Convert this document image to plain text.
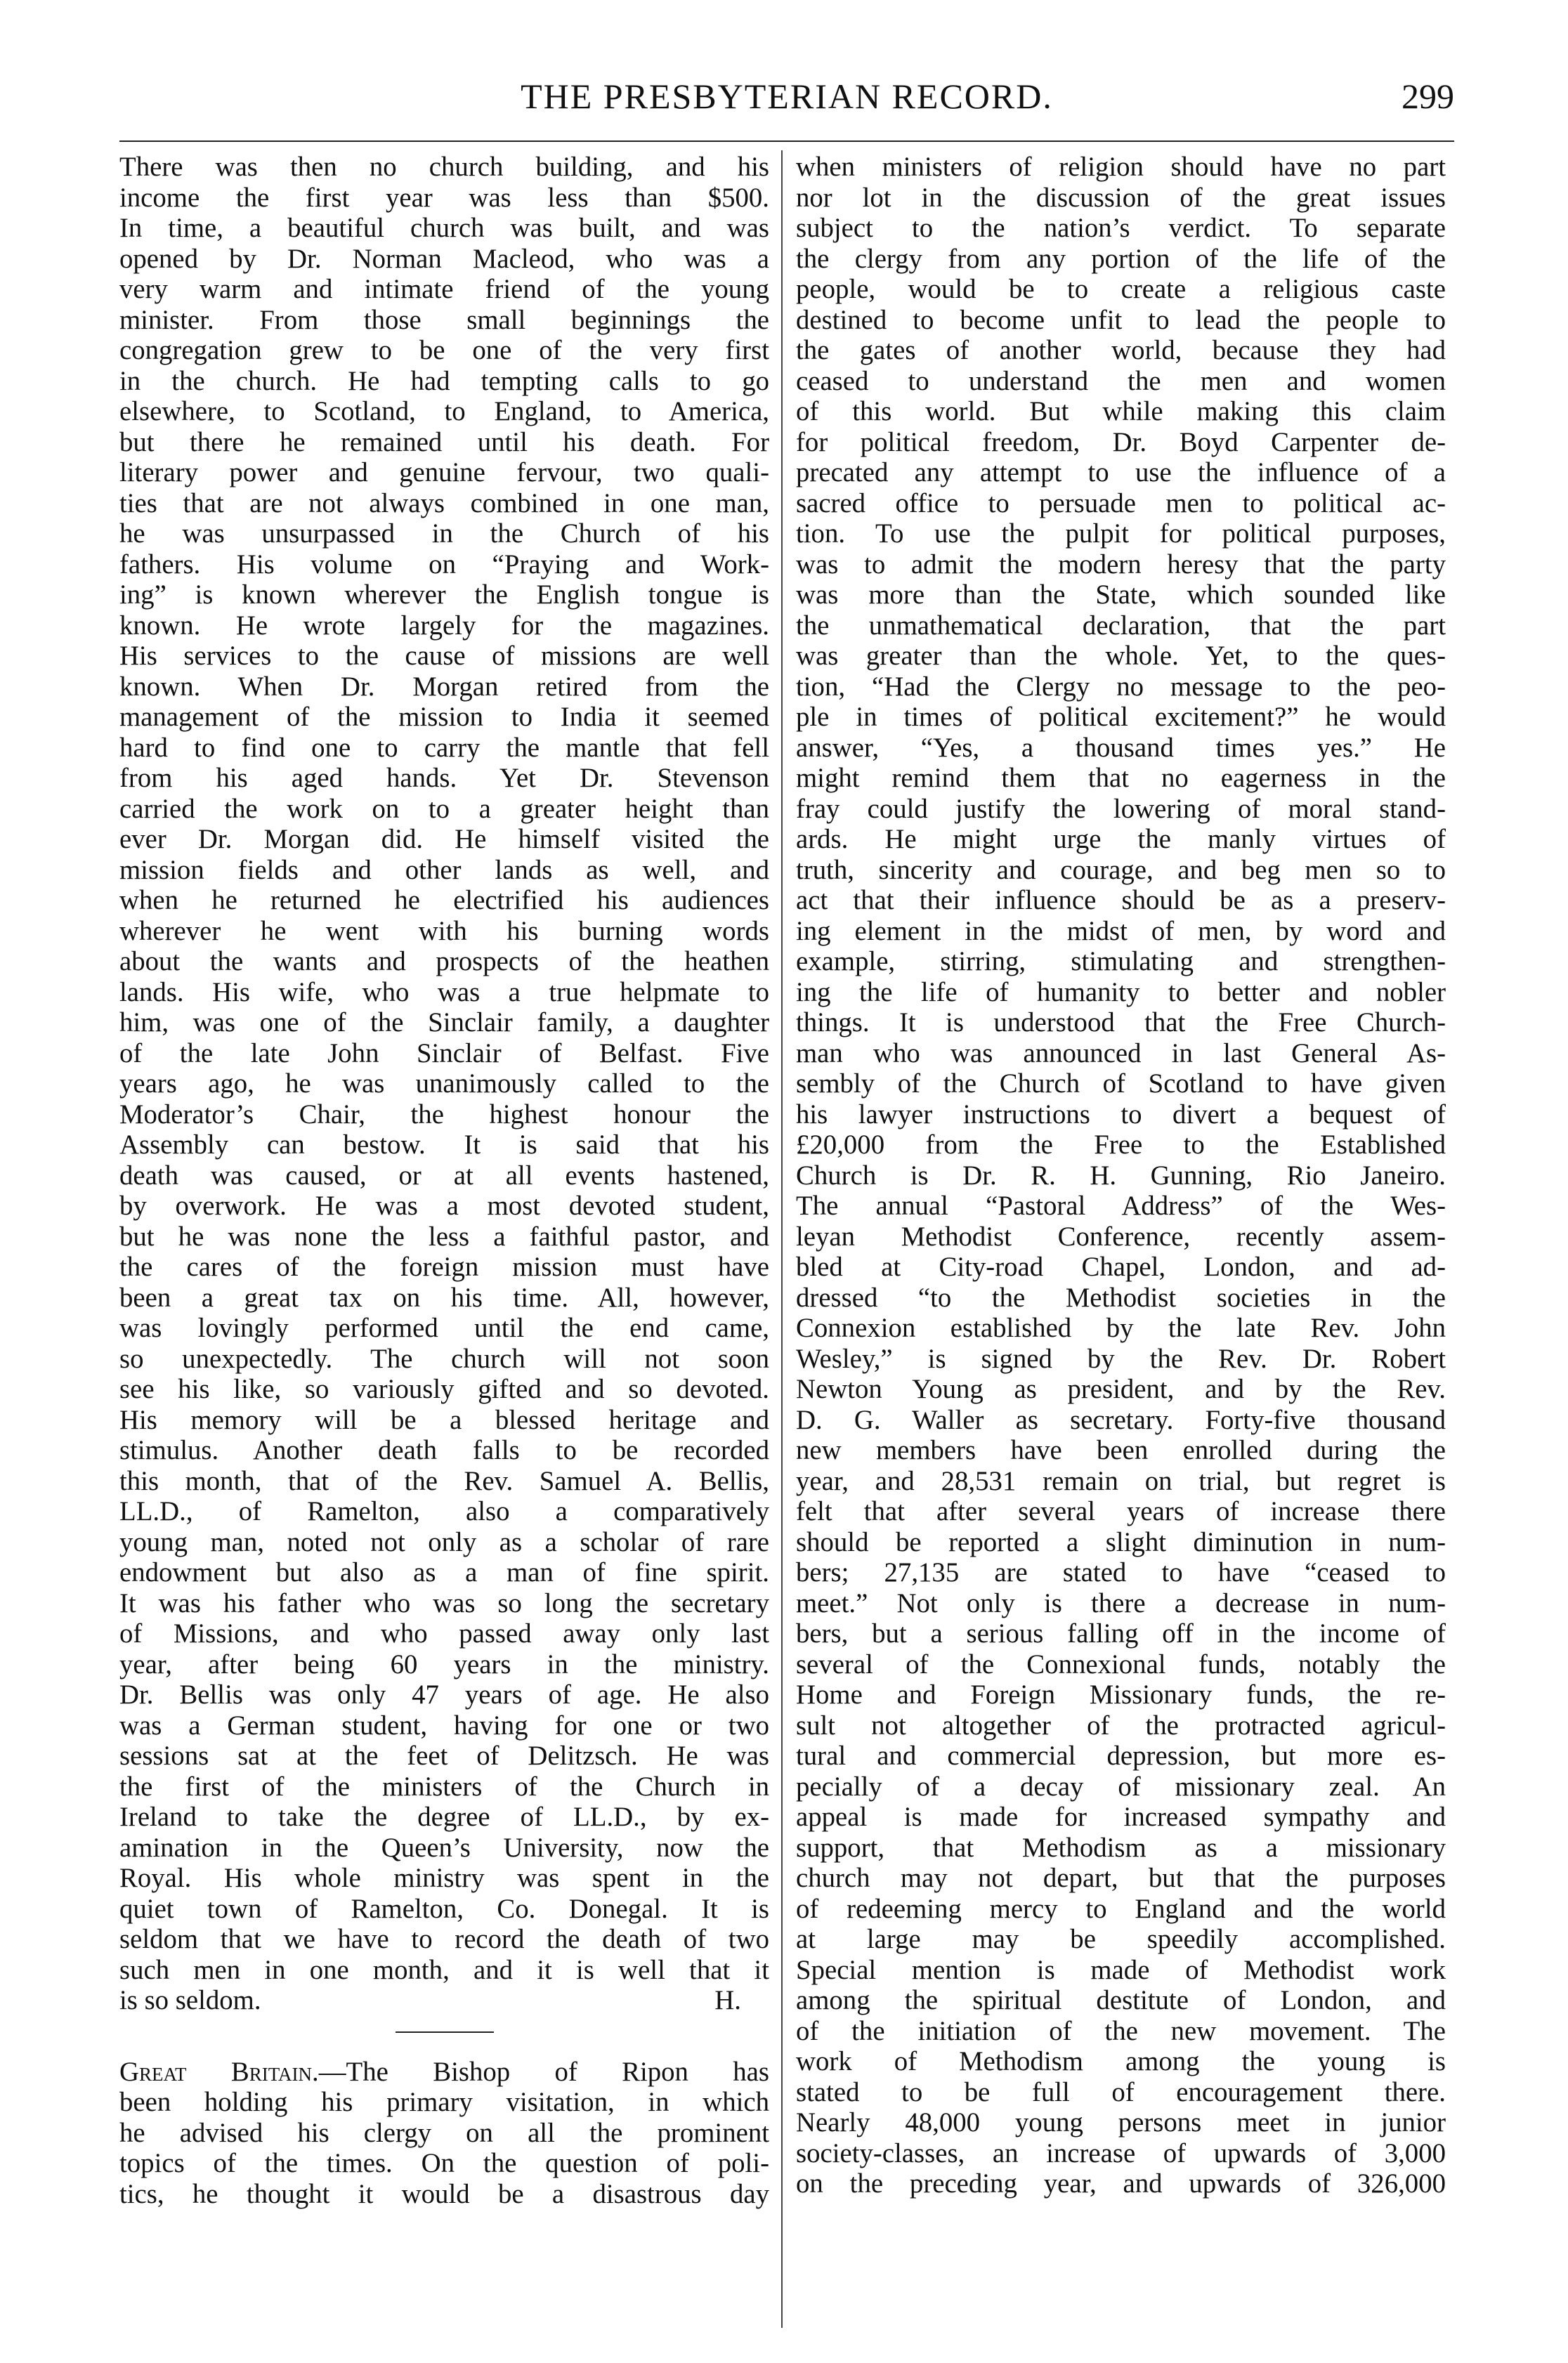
THE PRESBYTERIAN RECORD.	299
There was then no church building, and his
income the first year was less than $500.
In time, a beautiful church was built, and was
opened by Dr. Norman Macleod, who was a
very warm and intimate friend of the young
minister. From those small beginnings the
congregation grew to be one of the very first
in the church. He had tempting calls to go
elsewhere, to Scotland, to England, to America,
but there he remained until his death. For
literary power and genuine fervour, two quali-
ties that are not always combined in one man,
he was unsurpassed in the Church of his
fathers. His volume on “Praying and Work-
ing” is known wherever the English tongue is
known. He wrote largely for the magazines.
His services to the cause of missions are well
known. When Dr. Morgan retired from the
management of the mission to India it seemed
hard to find one to carry the mantle that fell
from his aged hands. Yet Dr. Stevenson
carried the work on to a greater height than
ever Dr. Morgan did. He himself visited the
mission fields and other lands as well, and
when he returned he electrified his audiences
wherever he went with his burning words
about the wants and prospects of the heathen
lands. His wife, who was a true helpmate to
him, was one of the Sinclair family, a daughter
of the late John Sinclair of Belfast. Five
years ago, he was unanimously called to the
Moderator’s Chair, the highest honour the
Assembly can bestow. It is said that his
death was caused, or at all events hastened,
by overwork. He was a most devoted student,
but he was none the less a faithful pastor, and
the cares of the foreign mission must have
been a great tax on his time. All, however,
was lovingly performed until the end came,
so unexpectedly. The church will not soon
see his like, so variously gifted and so devoted.
His memory will be a blessed heritage and
stimulus. Another death falls to be recorded
this month, that of the Rev. Samuel A. Bellis,
LL.D., of Ramelton, also a comparatively
young man, noted not only as a scholar of rare
endowment but also as a man of fine spirit.
It was his father who was so long the secretary
of Missions, and who passed away only last
year, after being 60 years in the ministry.
Dr. Bellis was only 47 years of age. He also
was a German student, having for one or two
sessions sat at the feet of Delitzsch. He was
the first of the ministers of the Church in
Ireland to take the degree of LL.D., by ex-
amination in the Queen’s University, now the
Royal. His whole ministry was spent in the
quiet town of Ramelton, Co. Donegal. It is
seldom that we have to record the death of two
such men in one month, and it is well that it
is so seldom.	H.
Great Britain.—The Bishop of Ripon has
been holding his primary visitation, in which
he advised his clergy on all the prominent
topics of the times. On the question of poli-
tics, he thought it would be a disastrous day
when ministers of religion should have no part
nor lot in the discussion of the great issues
subject to the nation’s verdict. To separate
the clergy from any portion of the life of the
people, would be to create a religious caste
destined to become unfit to lead the people to
the gates of another world, because they had
ceased to understand the men and women
of this world. But while making this claim
for political freedom, Dr. Boyd Carpenter de-
precated any attempt to use the influence of a
sacred office to persuade men to political ac-
tion. To use the pulpit for political purposes,
was to admit the modern heresy that the party
was more than the State, which sounded like
the unmathematical declaration, that the part
was greater than the whole. Yet, to the ques-
tion, “Had the Clergy no message to the peo-
ple in times of political excitement?” he would
answer, “Yes, a thousand times yes.” He
might remind them that no eagerness in the
fray could justify the lowering of moral stand-
ards. He might urge the manly virtues of
truth, sincerity and courage, and beg men so to
act that their influence should be as a preserv-
ing element in the midst of men, by word and
example, stirring, stimulating and strengthen-
ing the life of humanity to better and nobler
things. It is understood that the Free Church-
man who was announced in last General As-
sembly of the Church of Scotland to have given
his lawyer instructions to divert a bequest of
£20,000 from the Free to the Established
Church is Dr. R. H. Gunning, Rio Janeiro.
The annual “Pastoral Address” of the Wes-
leyan Methodist Conference, recently assem-
bled at City-road Chapel, London, and ad-
dressed “to the Methodist societies in the
Connexion established by the late Rev. John
Wesley,” is signed by the Rev. Dr. Robert
Newton Young as president, and by the Rev.
D. G. Waller as secretary. Forty-five thousand
new members have been enrolled during the
year, and 28,531 remain on trial, but regret is
felt that after several years of increase there
should be reported a slight diminution in num-
bers; 27,135 are stated to have “ceased to
meet.” Not only is there a decrease in num-
bers, but a serious falling off in the income of
several of the Connexional funds, notably the
Home and Foreign Missionary funds, the re-
sult not altogether of the protracted agricul-
tural and commercial depression, but more es-
pecially of a decay of missionary zeal. An
appeal is made for increased sympathy and
support, that Methodism as a missionary
church may not depart, but that the purposes
of redeeming mercy to England and the world
at large may be speedily accomplished.
Special mention is made of Methodist work
among the spiritual destitute of London, and
of the initiation of the new movement. The
work of Methodism among the young is
stated to be full of encouragement there.
Nearly 48,000 young persons meet in junior
society-classes, an increase of upwards of 3,000
on the preceding year, and upwards of 326,000
